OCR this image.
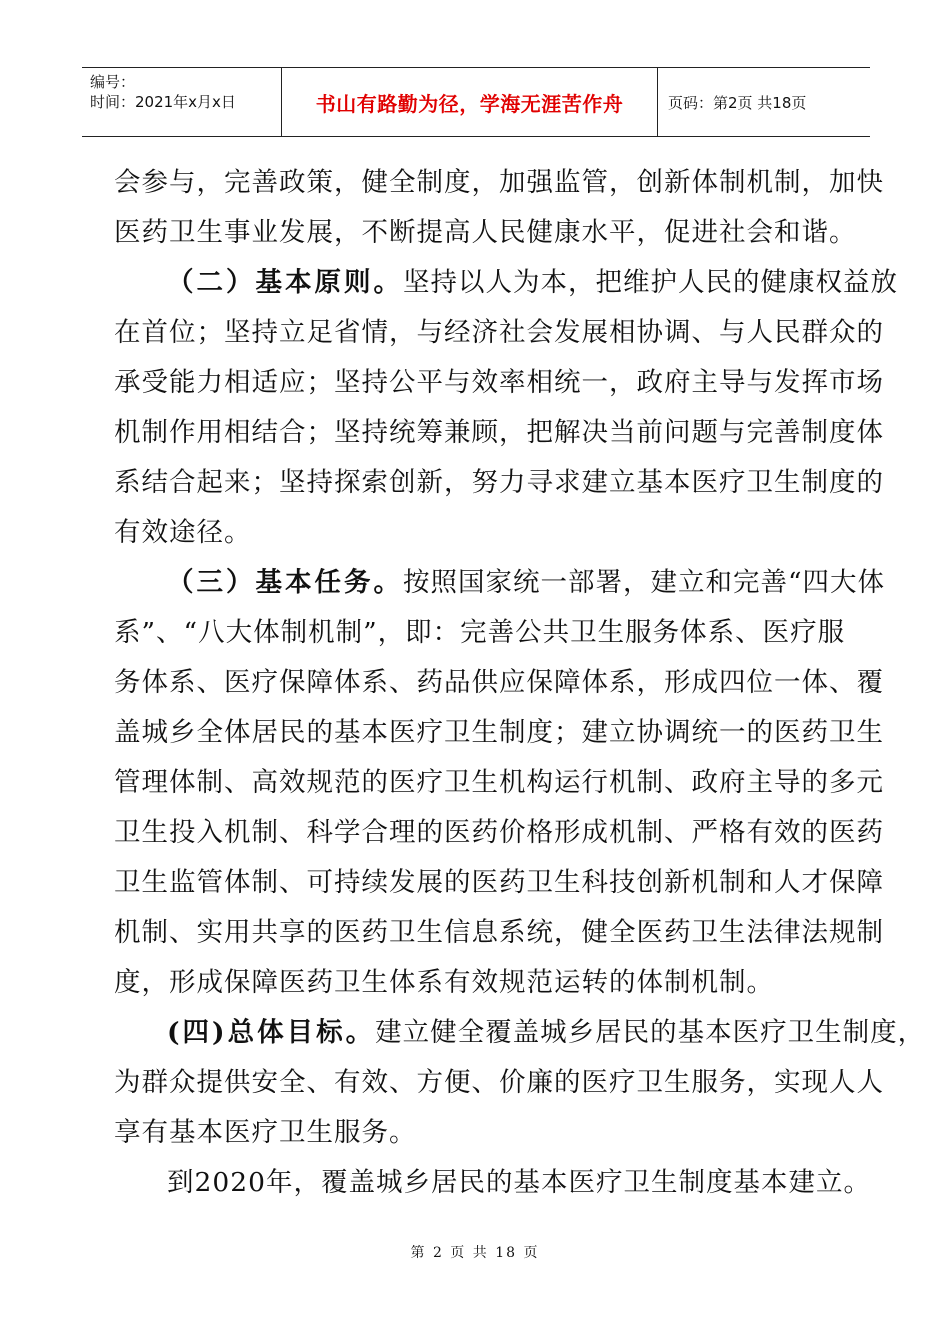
编号：
时间：2021年x月x日	书山有路勤为径，学海无涯苦作舟	页码：第2页 共18页
会参与，完善政策，健全制度，加强监管，创新体制机制，加快
医药卫生事业发展，不断提高人民健康水平，促进社会和谐。
（二）基本原则。坚持以人为本，把维护人民的健康权益放
在首位；坚持立足省情，与经济社会发展相协调、与人民群众的
承受能力相适应；坚持公平与效率相统一，政府主导与发挥市场
机制作用相结合；坚持统筹兼顾，把解决当前问题与完善制度体
系结合起来；坚持探索创新，努力寻求建立基本医疗卫生制度的
有效途径。
（三）基本任务。按照国家统一部署，建立和完善“四大体
系”、“八大体制机制”，即：完善公共卫生服务体系、医疗服
务体系、医疗保障体系、药品供应保障体系，形成四位一体、覆
盖城乡全体居民的基本医疗卫生制度；建立协调统一的医药卫生
管理体制、高效规范的医疗卫生机构运行机制、政府主导的多元
卫生投入机制、科学合理的医药价格形成机制、严格有效的医药
卫生监管体制、可持续发展的医药卫生科技创新机制和人才保障
机制、实用共享的医药卫生信息系统，健全医药卫生法律法规制
度，形成保障医药卫生体系有效规范运转的体制机制。
(四)总体目标。建立健全覆盖城乡居民的基本医疗卫生制度，
为群众提供安全、有效、方便、价廉的医疗卫生服务，实现人人
享有基本医疗卫生服务。
到2020年，覆盖城乡居民的基本医疗卫生制度基本建立。
第 2 页 共 18 页
